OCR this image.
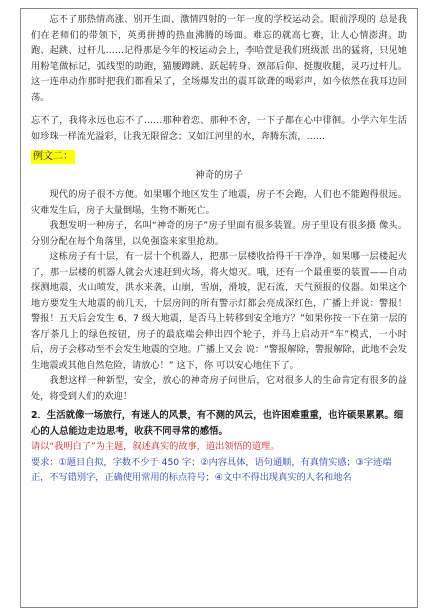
忘不了那热情高涨、别开生面、激情四射的一年一度的学校运动会。眼前浮现的 总是我们在老师们的带领下，英勇拼搏的热血沸腾的场面。难忘的就高七赛，让人心情澎湃。助跑、起跳、过杆儿……记得那是今年的校运动会上，李哈萱是我们班级派 出的猛将，只见她用粉笔做标记，弧线型的助跑，猫腰蹲跳、跃起转身、颈部后仰、挺腹收腿，灵巧过杆儿。这一连串动作那时把我们都看呆了，全场爆发出的震耳欲聋的喝彩声，如今依然在我耳边回荡。

忘不了，我将永远也忘不了……那种着恋、那种不舍，一下子都在心中徘徊。小学六年生活如珍珠一样流光溢彩，让我无限留念；又如江河里的水，奔腾东流，……

例文二：

神奇的房子

现代的房子很不方便。如果哪个地区发生了地震，房子不会跑，人们也不能跑得很远。灾难发生后，房子大量倒塌，生物不断死亡。

我想发明一种房子，名叫“神奇的房子”房子里面有很多装置。房子里设有很多摄 像头。分别分配在每个角落里，以免强盗来家里抢劫。

这栋房子有十层，有一层十个机器人，把那一层楼收拾得干干净净，如果哪一层楼起火了，那一层楼的机器人就会火速赶到火场，将火熄灭。哦，还有一个最重要的装置——自动探测地震，火山喷发，洪水来袭，山崩，雪崩，滑坡，泥石流，天气预报的仪器。如果这个地方要发生大地震的前几天，十层房间的所有警示灯都会亮成深红色，广播上并说：警报！警报！五天后会发生 6、7 级大地震，是否马上转移到安全地方？”如果你按一下在第一层的客厅茶几上的绿色按钮，房子的最底端会伸出四个轮子，并马上启动开“车”模式，一小时后，房子会移动至不会发生地震的空地。广播上又会 说：“警报解除，警报解除，此地不会发生地震或其他自然危险，请放心！” 这下，你 可以安心地住下了。

我想这样一种新型，安全，放心的神奇房子问世后，它对很多人的生命肯定有很多的益处，将受到人们的欢迎！

2．生活就像一场旅行，有迷人的风景，有不测的风云，也许困难重重，也许硕果累累。细心的人总能边走边思考，收获不同寻常的感悟。

请以“我明白了”为主题，叙述真实的故事，道出领悟的道理。

要求：①题目自拟，字数不少于 450 字；②内容具体，语句通顺，有真情实感；③字迹端正，不写错别字，正确使用常用的标点符号；④文中不得出现真实的人名和地名
